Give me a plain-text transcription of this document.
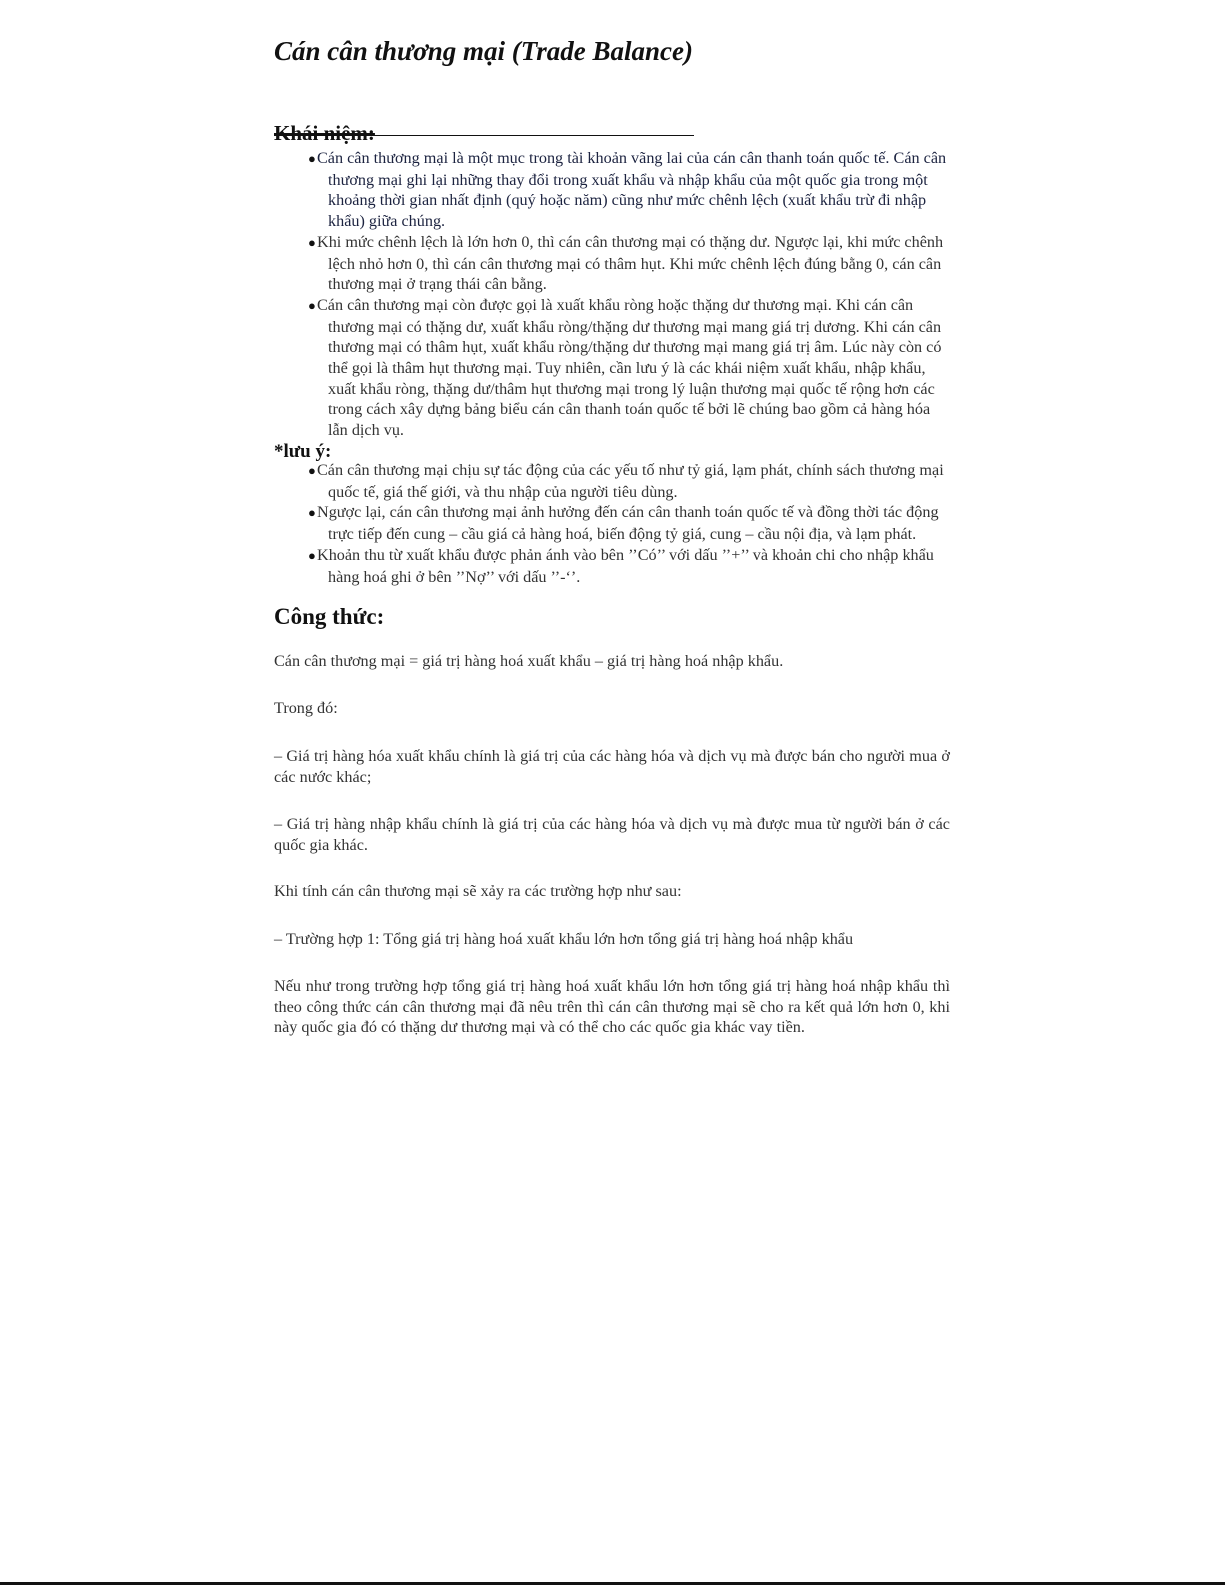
Cán cân thương mại (Trade Balance)
Khái niệm:
●Cán cân thương mại là một mục trong tài khoản vãng lai của cán cân thanh toán quốc tế. Cán cân thương mại ghi lại những thay đổi trong xuất khẩu và nhập khẩu của một quốc gia trong một khoảng thời gian nhất định (quý hoặc năm) cũng như mức chênh lệch (xuất khẩu trừ đi nhập khẩu) giữa chúng.
●Khi mức chênh lệch là lớn hơn 0, thì cán cân thương mại có thặng dư. Ngược lại, khi mức chênh lệch nhỏ hơn 0, thì cán cân thương mại có thâm hụt. Khi mức chênh lệch đúng bằng 0, cán cân thương mại ở trạng thái cân bằng.
●Cán cân thương mại còn được gọi là xuất khẩu ròng hoặc thặng dư thương mại. Khi cán cân thương mại có thặng dư, xuất khẩu ròng/thặng dư thương mại mang giá trị dương. Khi cán cân thương mại có thâm hụt, xuất khẩu ròng/thặng dư thương mại mang giá trị âm. Lúc này còn có thể gọi là thâm hụt thương mại. Tuy nhiên, cần lưu ý là các khái niệm xuất khẩu, nhập khẩu, xuất khẩu ròng, thặng dư/thâm hụt thương mại trong lý luận thương mại quốc tế rộng hơn các trong cách xây dựng bảng biểu cán cân thanh toán quốc tế bởi lẽ chúng bao gồm cả hàng hóa lẫn dịch vụ.
*lưu ý:
●Cán cân thương mại chịu sự tác động của các yếu tố như tỷ giá, lạm phát, chính sách thương mại quốc tế, giá thế giới, và thu nhập của người tiêu dùng.
●Ngược lại, cán cân thương mại ảnh hưởng đến cán cân thanh toán quốc tế và đồng thời tác động trực tiếp đến cung – cầu giá cả hàng hoá, biến động tỷ giá, cung – cầu nội địa, và lạm phát.
●Khoản thu từ xuất khẩu được phản ánh vào bên ’’Có’’ với dấu ’’+’’ và khoản chi cho nhập khẩu hàng hoá ghi ở bên ’’Nợ’’ với dấu ’’-‘’.
Công thức:

Cán cân thương mại = giá trị hàng hoá xuất khẩu – giá trị hàng hoá nhập khẩu.

Trong đó:

– Giá trị hàng hóa xuất khẩu chính là giá trị của các hàng hóa và dịch vụ mà được bán cho người mua ở các nước khác;

– Giá trị hàng nhập khẩu chính là giá trị của các hàng hóa và dịch vụ mà được mua từ người bán ở các quốc gia khác.

Khi tính cán cân thương mại sẽ xảy ra các trường hợp như sau:

– Trường hợp 1: Tổng giá trị hàng hoá xuất khẩu lớn hơn tổng giá trị hàng hoá nhập khẩu

Nếu như trong trường hợp tổng giá trị hàng hoá xuất khẩu lớn hơn tổng giá trị hàng hoá nhập khẩu thì theo công thức cán cân thương mại đã nêu trên thì cán cân thương mại sẽ cho ra kết quả lớn hơn 0, khi này quốc gia đó có thặng dư thương mại và có thể cho các quốc gia khác vay tiền.
